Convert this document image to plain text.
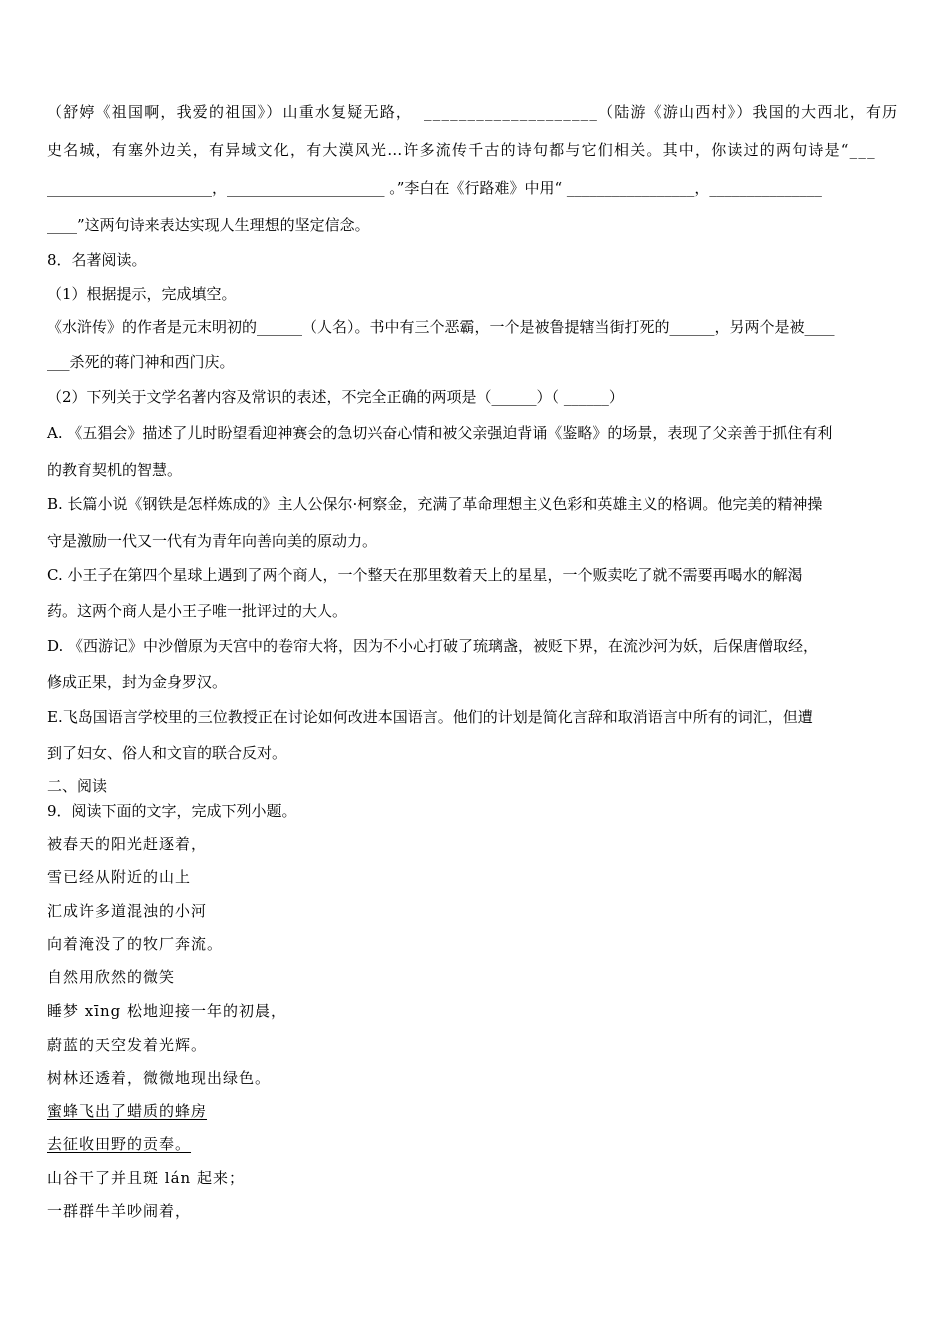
（舒婷《祖国啊，我爱的祖国》）山重水复疑无路，  ____________________（陆游《游山西村》）我国的大西北，有历
史名城，有塞外边关，有异域文化，有大漠风光…许多流传千古的诗句都与它们相关。其中，你读过的两句诗是“___
______________________，_____________________ 。”李白在《行路难》中用“ _________________，_______________
____”这两句诗来表达实现人生理想的坚定信念。
8．名著阅读。
（1）根据提示，完成填空。
《水浒传》的作者是元末明初的______（人名）。书中有三个恶霸，一个是被鲁提辖当街打死的______，另两个是被____
___杀死的蒋门神和西门庆。
（2）下列关于文学名著内容及常识的表述，不完全正确的两项是（______）（ ______）
A. 《五猖会》描述了儿时盼望看迎神赛会的急切兴奋心情和被父亲强迫背诵《鉴略》的场景，表现了父亲善于抓住有利
的教育契机的智慧。
B. 长篇小说《钢铁是怎样炼成的》主人公保尔·柯察金，充满了革命理想主义色彩和英雄主义的格调。他完美的精神操
守是激励一代又一代有为青年向善向美的原动力。
C. 小王子在第四个星球上遇到了两个商人，一个整天在那里数着天上的星星，一个贩卖吃了就不需要再喝水的解渴
药。这两个商人是小王子唯一批评过的大人。
D. 《西游记》中沙僧原为天宫中的卷帘大将，因为不小心打破了琉璃盏，被贬下界，在流沙河为妖，后保唐僧取经，
修成正果，封为金身罗汉。
E.飞岛国语言学校里的三位教授正在讨论如何改进本国语言。他们的计划是简化言辞和取消语言中所有的词汇，但遭
到了妇女、俗人和文盲的联合反对。
二、阅读
9．阅读下面的文字，完成下列小题。
被春天的阳光赶逐着，
雪已经从附近的山上
汇成许多道混浊的小河
向着淹没了的牧厂奔流。
自然用欣然的微笑
睡梦 xīng 松地迎接一年的初晨，
蔚蓝的天空发着光辉。
树林还透着，微微地现出绿色。
蜜蜂飞出了蜡质的蜂房
去征收田野的贡奉。
山谷干了并且斑 lán 起来；
一群群牛羊吵闹着，
